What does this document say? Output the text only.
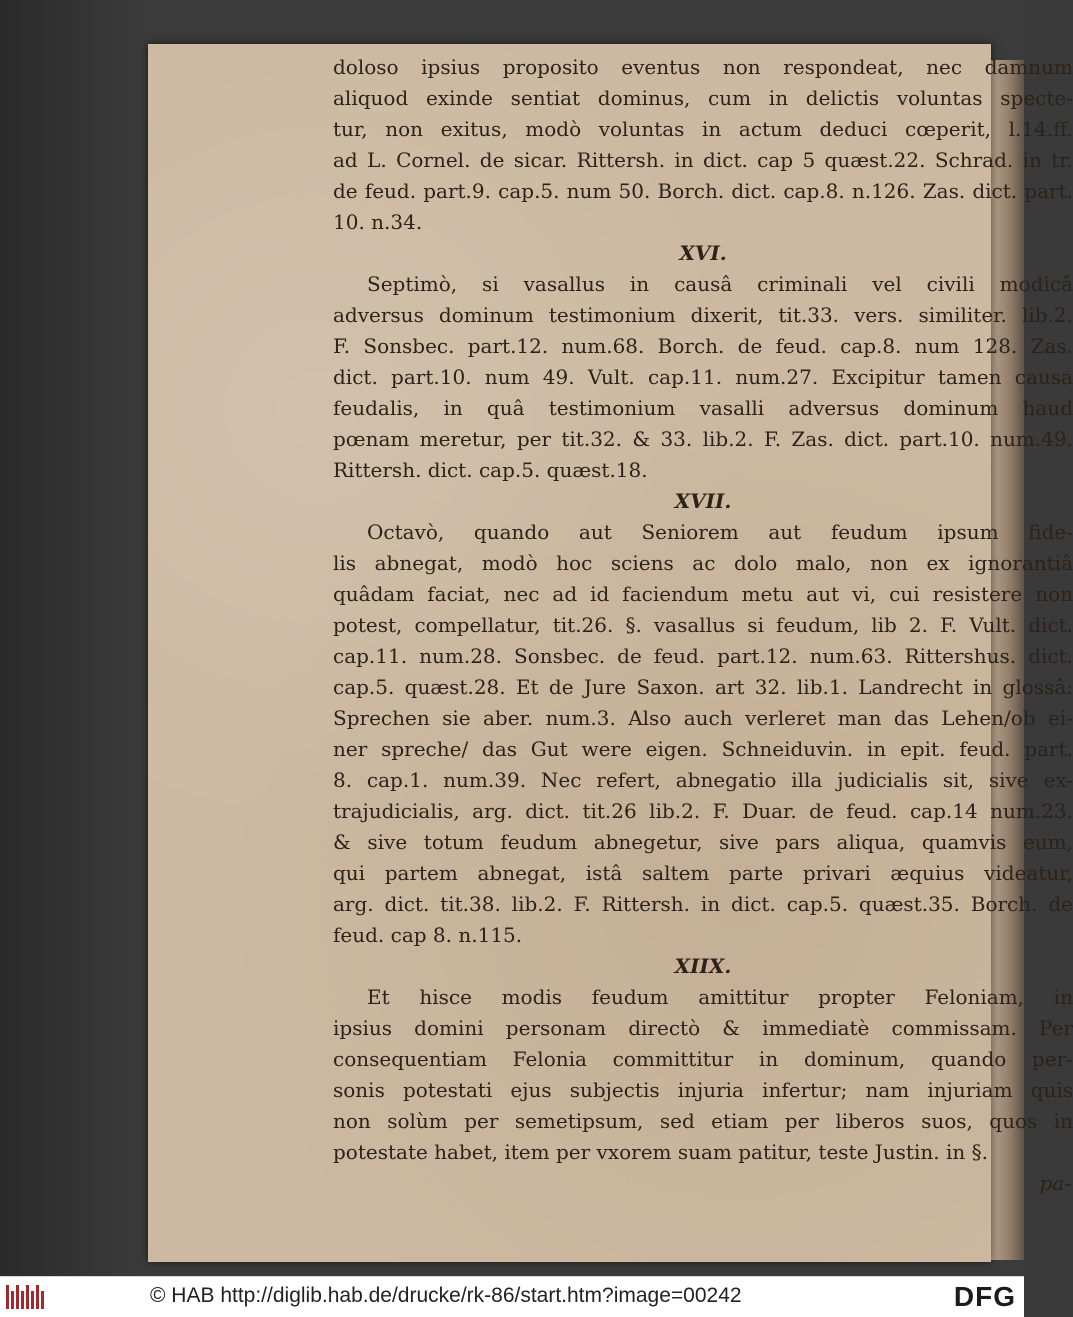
doloso ipsius proposito eventus non respondeat, nec damnum
aliquod exinde sentiat dominus, cum in delictis voluntas specte-
tur, non exitus, modò voluntas in actum deduci cœperit, l.14.ff.
ad L. Cornel. de sicar. Rittersh. in dict. cap 5 quæst.22. Schrad. in tr.
de feud. part.9. cap.5. num 50. Borch. dict. cap.8. n.126. Zas. dict. part.
10. n.34.
XVI.
Septimò, si vasallus in causâ criminali vel civili modicâ
adversus dominum testimonium dixerit, tit.33. vers. similiter. lib.2.
F. Sonsbec. part.12. num.68. Borch. de feud. cap.8. num 128. Zas.
dict. part.10. num 49. Vult. cap.11. num.27. Excipitur tamen causa
feudalis, in quâ testimonium vasalli adversus dominum haud
pœnam meretur, per tit.32. & 33. lib.2. F. Zas. dict. part.10. num.49.
Rittersh. dict. cap.5. quæst.18.
XVII.
Octavò, quando aut Seniorem aut feudum ipsum fide-
lis abnegat, modò hoc sciens ac dolo malo, non ex ignorantiâ
quâdam faciat, nec ad id faciendum metu aut vi, cui resistere non
potest, compellatur, tit.26. §. vasallus si feudum, lib 2. F. Vult. dict.
cap.11. num.28. Sonsbec. de feud. part.12. num.63. Rittershus. dict.
cap.5. quæst.28. Et de Jure Saxon. art 32. lib.1. Landrecht in glossâ:
Sprechen sie aber. num.3. Also auch verleret man das Lehen/ob ei-
ner spreche/ das Gut were eigen. Schneiduvin. in epit. feud. part.
8. cap.1. num.39. Nec refert, abnegatio illa judicialis sit, sive ex-
trajudicialis, arg. dict. tit.26 lib.2. F. Duar. de feud. cap.14 num.23.
& sive totum feudum abnegetur, sive pars aliqua, quamvis eum,
qui partem abnegat, istâ saltem parte privari æquius videatur,
arg. dict. tit.38. lib.2. F. Rittersh. in dict. cap.5. quæst.35. Borch. de
feud. cap 8. n.115.
XIIX.
Et hisce modis feudum amittitur propter Feloniam, in
ipsius domini personam directò & immediatè commissam. Per
consequentiam Felonia committitur in dominum, quando per-
sonis potestati ejus subjectis injuria infertur; nam injuriam quis
non solùm per semetipsum, sed etiam per liberos suos, quos in
potestate habet, item per vxorem suam patitur, teste Justin. in §.
pa-
© HAB http://diglib.hab.de/drucke/rk-86/start.htm?image=00242	DFG
